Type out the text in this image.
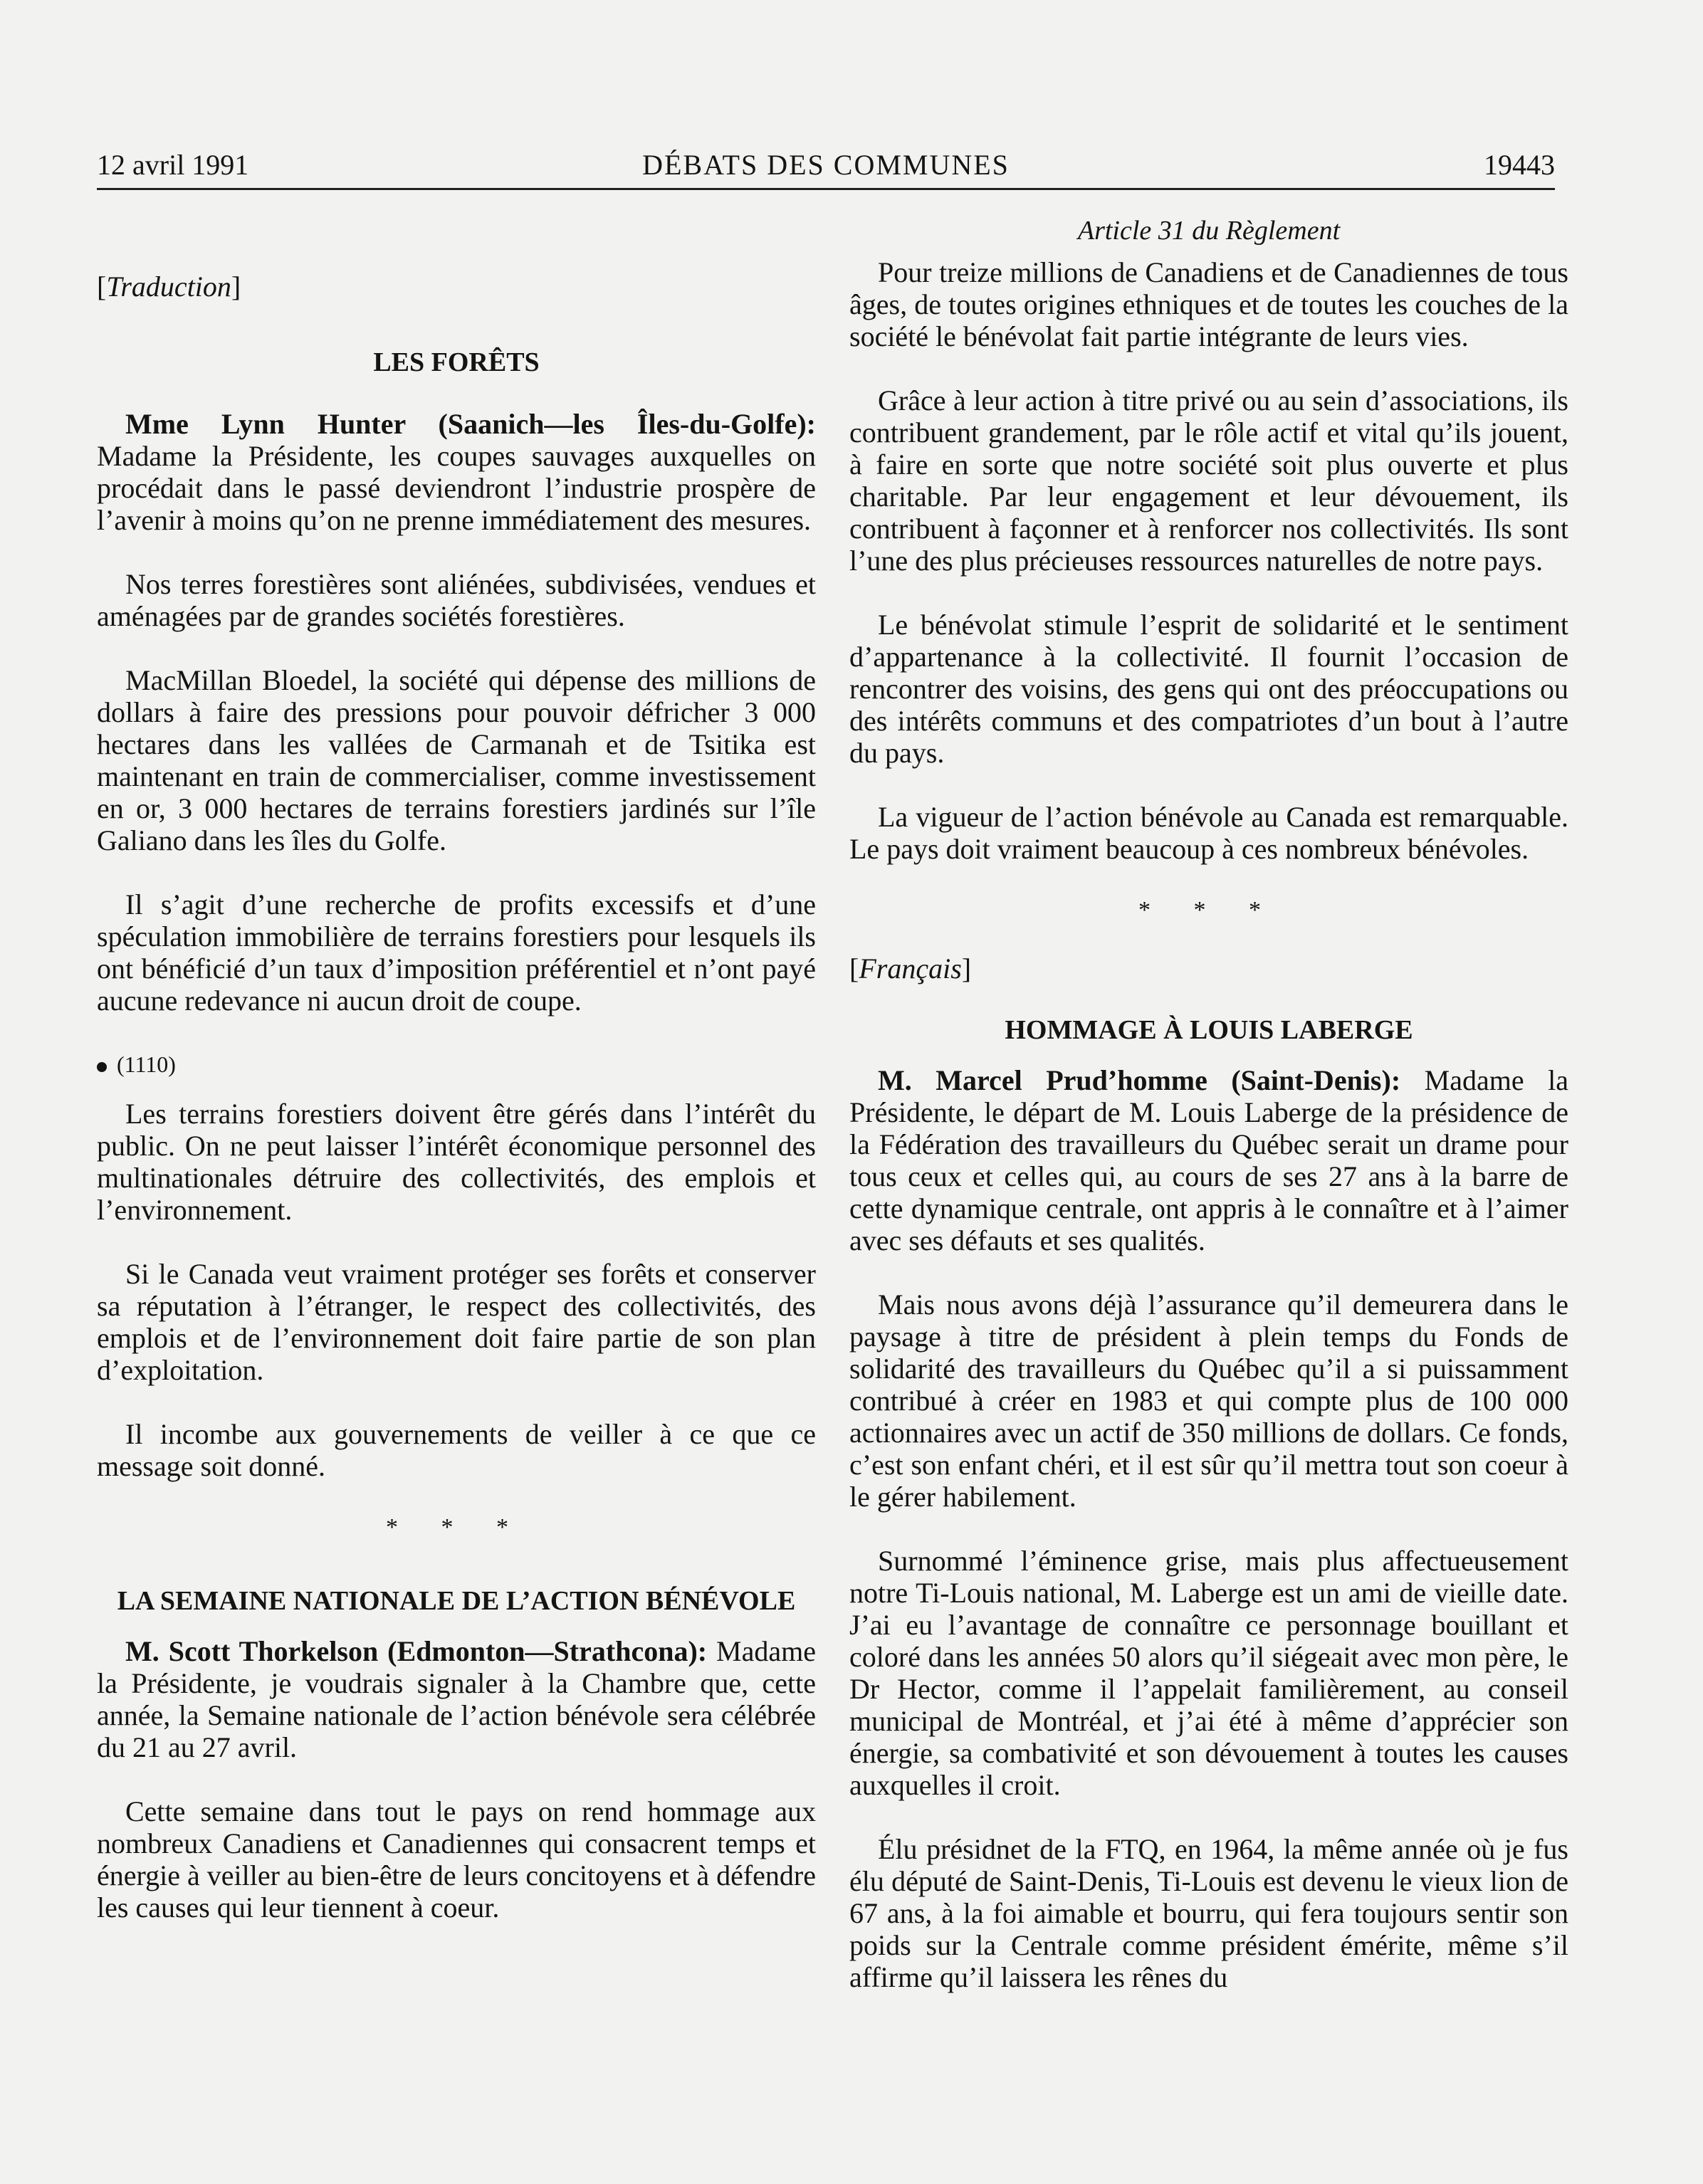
12 avril 1991	DÉBATS DES COMMUNES	19443
[Traduction]
LES FORÊTS

Mme Lynn Hunter (Saanich—les Îles-du-Golfe): Madame la Présidente, les coupes sauvages auxquelles on procédait dans le passé deviendront l’industrie prospère de l’avenir à moins qu’on ne prenne immédiatement des mesures.

Nos terres forestières sont aliénées, subdivisées, vendues et aménagées par de grandes sociétés forestières.

MacMillan Bloedel, la société qui dépense des millions de dollars à faire des pressions pour pouvoir défricher 3 000 hectares dans les vallées de Carmanah et de Tsitika est maintenant en train de commercialiser, comme investissement en or, 3 000 hectares de terrains forestiers jardinés sur l’île Galiano dans les îles du Golfe.

Il s’agit d’une recherche de profits excessifs et d’une spéculation immobilière de terrains forestiers pour lesquels ils ont bénéficié d’un taux d’imposition préférentiel et n’ont payé aucune redevance ni aucun droit de coupe.

(1110)

Les terrains forestiers doivent être gérés dans l’intérêt du public. On ne peut laisser l’intérêt économique personnel des multinationales détruire des collectivités, des emplois et l’environnement.

Si le Canada veut vraiment protéger ses forêts et conserver sa réputation à l’étranger, le respect des collectivités, des emplois et de l’environnement doit faire partie de son plan d’exploitation.

Il incombe aux gouvernements de veiller à ce que ce message soit donné.

* * *
LA SEMAINE NATIONALE DE L’ACTION BÉNÉVOLE

M. Scott Thorkelson (Edmonton—Strathcona): Madame la Présidente, je voudrais signaler à la Chambre que, cette année, la Semaine nationale de l’action bénévole sera célébrée du 21 au 27 avril.

Cette semaine dans tout le pays on rend hommage aux nombreux Canadiens et Canadiennes qui consacrent temps et énergie à veiller au bien-être de leurs concitoyens et à défendre les causes qui leur tiennent à coeur.

Article 31 du Règlement

Pour treize millions de Canadiens et de Canadiennes de tous âges, de toutes origines ethniques et de toutes les couches de la société le bénévolat fait partie intégrante de leurs vies.

Grâce à leur action à titre privé ou au sein d’associations, ils contribuent grandement, par le rôle actif et vital qu’ils jouent, à faire en sorte que notre société soit plus ouverte et plus charitable. Par leur engagement et leur dévouement, ils contribuent à façonner et à renforcer nos collectivités. Ils sont l’une des plus précieuses ressources naturelles de notre pays.

Le bénévolat stimule l’esprit de solidarité et le sentiment d’appartenance à la collectivité. Il fournit l’occasion de rencontrer des voisins, des gens qui ont des préoccupations ou des intérêts communs et des compatriotes d’un bout à l’autre du pays.

La vigueur de l’action bénévole au Canada est remarquable. Le pays doit vraiment beaucoup à ces nombreux bénévoles.

* * *
[Français]
HOMMAGE À LOUIS LABERGE

M. Marcel Prud’homme (Saint-Denis): Madame la Présidente, le départ de M. Louis Laberge de la présidence de la Fédération des travailleurs du Québec serait un drame pour tous ceux et celles qui, au cours de ses 27 ans à la barre de cette dynamique centrale, ont appris à le connaître et à l’aimer avec ses défauts et ses qualités.

Mais nous avons déjà l’assurance qu’il demeurera dans le paysage à titre de président à plein temps du Fonds de solidarité des travailleurs du Québec qu’il a si puissamment contribué à créer en 1983 et qui compte plus de 100 000 actionnaires avec un actif de 350 millions de dollars. Ce fonds, c’est son enfant chéri, et il est sûr qu’il mettra tout son coeur à le gérer habilement.

Surnommé l’éminence grise, mais plus affectueusement notre Ti-Louis national, M. Laberge est un ami de vieille date. J’ai eu l’avantage de connaître ce personnage bouillant et coloré dans les années 50 alors qu’il siégeait avec mon père, le Dr Hector, comme il l’appelait familièrement, au conseil municipal de Montréal, et j’ai été à même d’apprécier son énergie, sa combativité et son dévouement à toutes les causes auxquelles il croit.

Élu présidnet de la FTQ, en 1964, la même année où je fus élu député de Saint-Denis, Ti-Louis est devenu le vieux lion de 67 ans, à la foi aimable et bourru, qui fera toujours sentir son poids sur la Centrale comme président émérite, même s’il affirme qu’il laissera les rênes du
